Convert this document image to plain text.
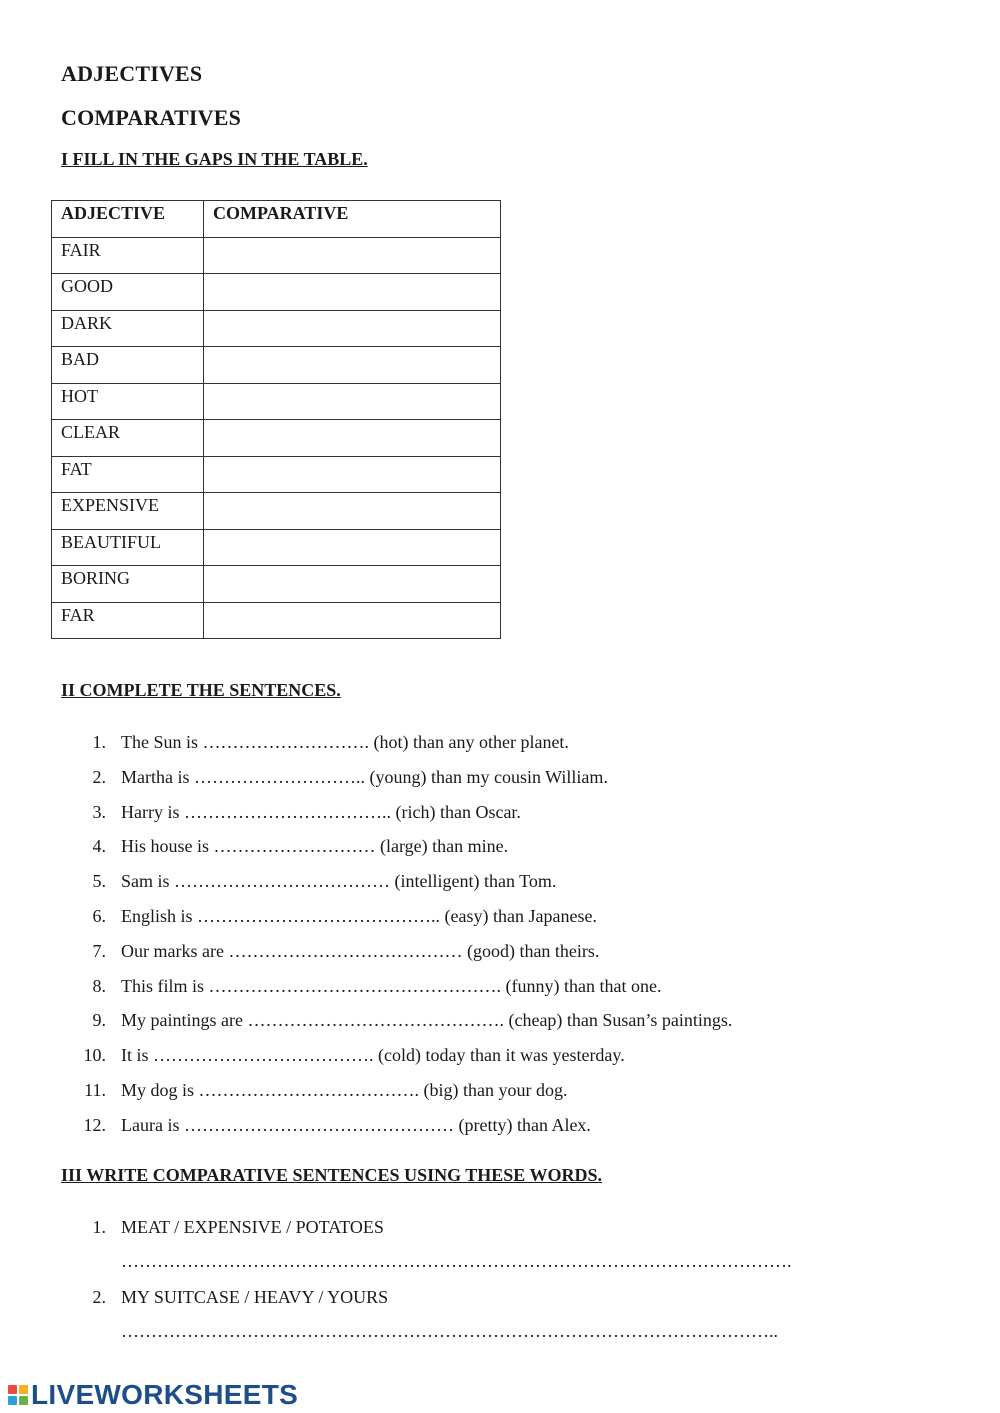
ADJECTIVES
COMPARATIVES
I FILL IN THE GAPS IN THE TABLE.
ADJECTIVE	COMPARATIVE
FAIR	
GOOD	
DARK	
BAD	
HOT	
CLEAR	
FAT	
EXPENSIVE	
BEAUTIFUL	
BORING	
FAR	
II COMPLETE THE SENTENCES.
1. The Sun is ………………………. (hot) than any other planet.
2. Martha is ……………………….. (young) than my cousin William.
3. Harry is …………………………….. (rich) than Oscar.
4. His house is ……………………… (large) than mine.
5. Sam is ……………………………… (intelligent) than Tom.
6. English is ………………………………….. (easy) than Japanese.
7. Our marks are ………………………………… (good) than theirs.
8. This film is …………………………………………. (funny) than that one.
9. My paintings are ……………………………………. (cheap) than Susan’s paintings.
10. It is ………………………………. (cold) today than it was yesterday.
11. My dog is ………………………………. (big) than your dog.
12. Laura is ……………………………………… (pretty) than Alex.
III WRITE COMPARATIVE SENTENCES USING THESE WORDS.
1. MEAT / EXPENSIVE / POTATOES
………………………………………………………………………………………………….
2. MY SUITCASE / HEAVY / YOURS
………………………………………………………………………………………………..
LIVEWORKSHEETS
